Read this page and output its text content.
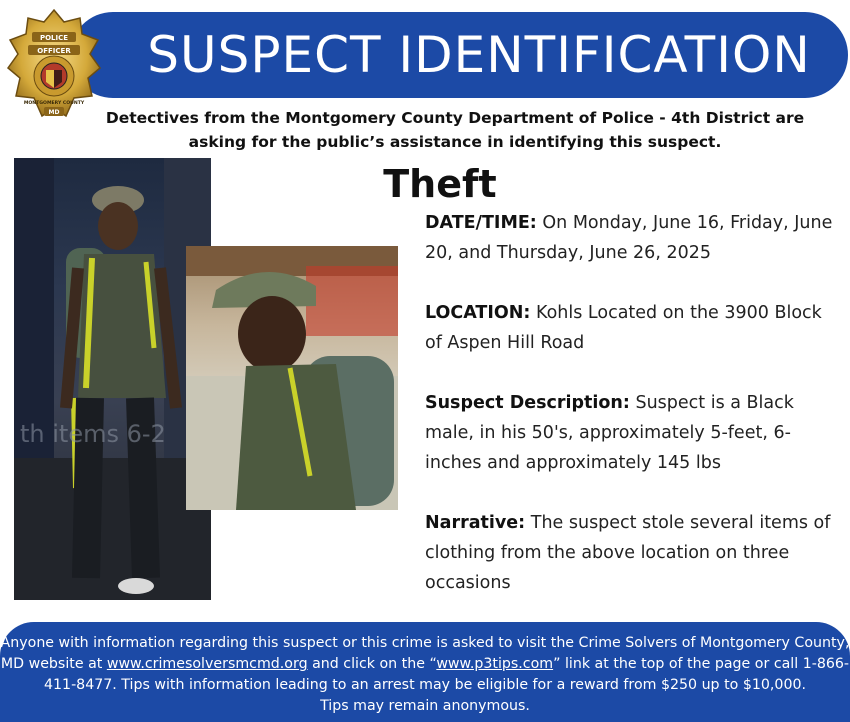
SUSPECT IDENTIFICATION
POLICE
OFFICER
MONTGOMERY COUNTY
MD	Detectives from the Montgomery County Department of Police - 4th District are
asking for the public’s assistance in identifying this suspect.
th items 6-2
Theft

DATE/TIME: On Monday, June 16, Friday, June 20, and Thursday, June 26, 2025

LOCATION: Kohls Located on the 3900 Block of Aspen Hill Road

Suspect Description: Suspect is a Black male, in his 50's, approximately 5-feet, 6-inches and approximately 145 lbs

Narrative: The suspect stole several items of clothing from the above location on three occasions

Anyone with information regarding this suspect or this crime is asked to visit the Crime Solvers of Montgomery County, MD website at www.crimesolversmcmd.org and click on the “www.p3tips.com” link at the top of the page or call 1-866-411-8477. Tips with information leading to an arrest may be eligible for a reward from $250 up to $10,000.
Tips may remain anonymous.
